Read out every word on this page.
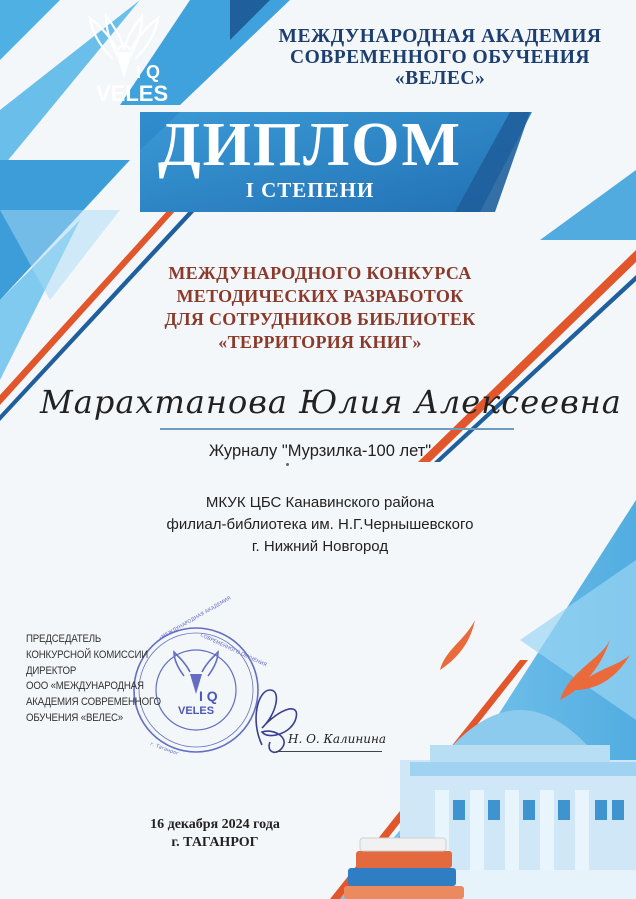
I Q
VELES
«МЕЖДУНАРОДНАЯ АКАДЕМИЯ
СОВРЕМЕННОГО ОБУЧЕНИЯ
г. Таганрог
I Q
VELES
МЕЖДУНАРОДНАЯ АКАДЕМИЯ
СОВРЕМЕННОГО ОБУЧЕНИЯ
«ВЕЛЕС»
ДИПЛОМ
I СТЕПЕНИ
МЕЖДУНАРОДНОГО КОНКУРСА
МЕТОДИЧЕСКИХ РАЗРАБОТОК
ДЛЯ СОТРУДНИКОВ БИБЛИОТЕК
«ТЕРРИТОРИЯ КНИГ»
Марахтанова Юлия Алексеевна
Журналу "Мурзилка-100 лет"
МКУК ЦБС Канавинского района
филиал-библиотека им. Н.Г.Чернышевского
г. Нижний Новгород
ПРЕДСЕДАТЕЛЬ
КОНКУРСНОЙ КОМИССИИ
ДИРЕКТОР
ООО «МЕЖДУНАРОДНАЯ
АКАДЕМИЯ СОВРЕМЕННОГО
ОБУЧЕНИЯ «ВЕЛЕС»
Н. О. Калинина
16 декабря 2024 года
г. ТАГАНРОГ
